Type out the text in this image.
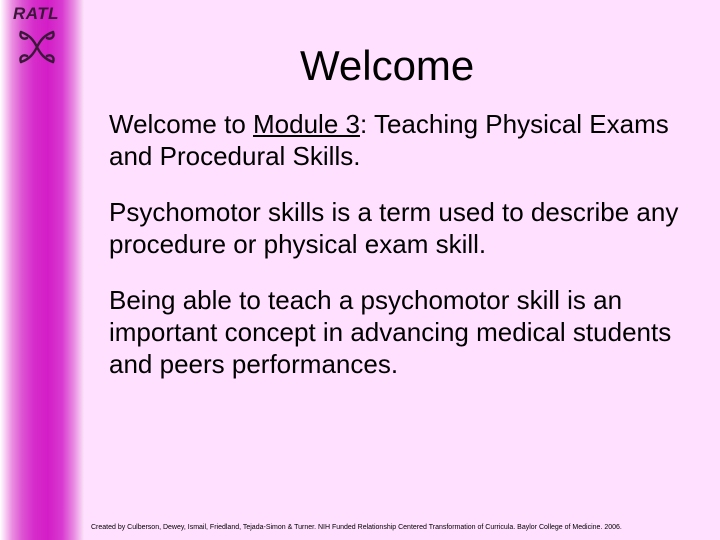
RATL
Welcome

Welcome to Module 3: Teaching Physical Exams and Procedural Skills.

Psychomotor skills is a term used to describe any procedure or physical exam skill.

Being able to teach a psychomotor skill is an important concept in advancing medical students and peers performances.

Created by Culberson, Dewey, Ismail, Friedland, Tejada-Simon & Turner. NIH Funded Relationship Centered Transformation of Curricula. Baylor College of Medicine. 2006.
